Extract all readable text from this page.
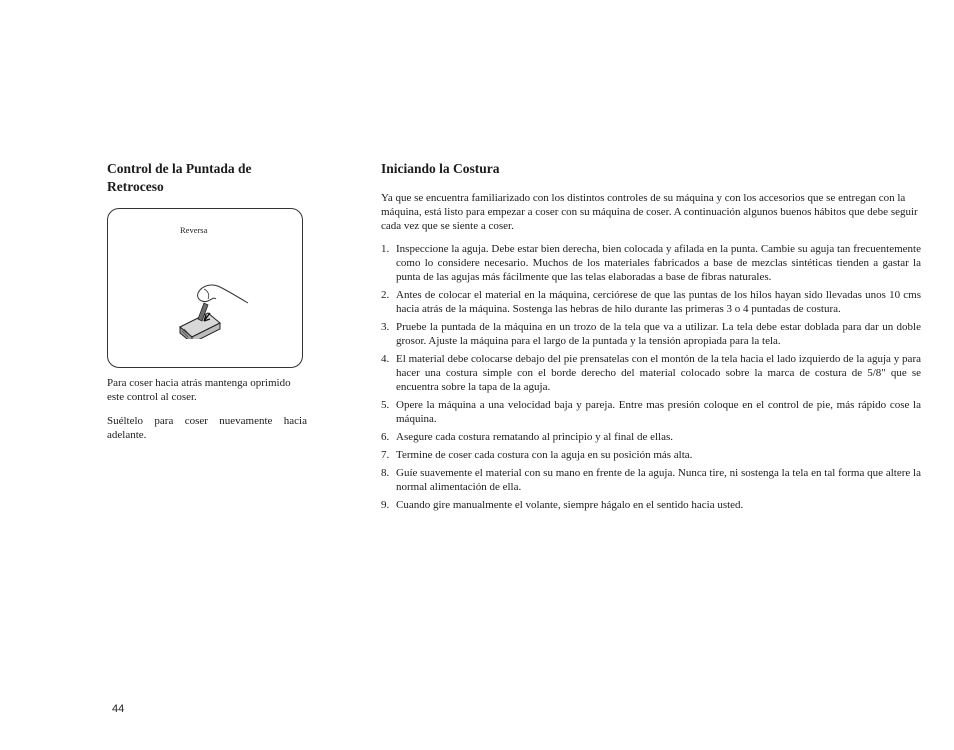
Control de la Puntada de Retroceso
Reversa

Para coser hacia atrás mantenga oprimido este control al coser.

Suéltelo para coser nuevamente hacia adelante.

Iniciando la Costura

Ya que se encuentra familiarizado con los distintos controles de su máquina y con los accesorios que se entregan con la máquina, está listo para empezar a coser con su máquina de coser. A continuación algunos buenos hábitos que debe seguir cada vez que se siente a coser.

1. Inspeccione la aguja. Debe estar bien derecha, bien colocada y afilada en la punta. Cambie su aguja tan frecuentemente como lo considere necesario. Muchos de los materiales fabricados a base de mezclas sintéticas tienden a gastar la punta de las agujas más fácilmente que las telas elaboradas a base de fibras naturales.
2. Antes de colocar el material en la máquina, cerciórese de que las puntas de los hilos hayan sido llevadas unos 10 cms hacia atrás de la máquina. Sostenga las hebras de hilo durante las primeras 3 o 4 puntadas de costura.
3. Pruebe la puntada de la máquina en un trozo de la tela que va a utilizar. La tela debe estar doblada para dar un doble grosor. Ajuste la máquina para el largo de la puntada y la tensión apropiada para la tela.
4. El material debe colocarse debajo del pie prensatelas con el montón de la tela hacia el lado izquierdo de la aguja y para hacer una costura simple con el borde derecho del material colocado sobre la marca de costura de 5/8" que se encuentra sobre la tapa de la aguja.
5. Opere la máquina a una velocidad baja y pareja. Entre mas presión coloque en el control de pie, más rápido cose la máquina.
6. Asegure cada costura rematando al principio y al final de ellas.
7. Termine de coser cada costura con la aguja en su posición más alta.
8. Guíe suavemente el material con su mano en frente de la aguja. Nunca tire, ni sostenga la tela en tal forma que altere la normal alimentación de ella.
9. Cuando gire manualmente el volante, siempre hágalo en el sentido hacia usted.
44
